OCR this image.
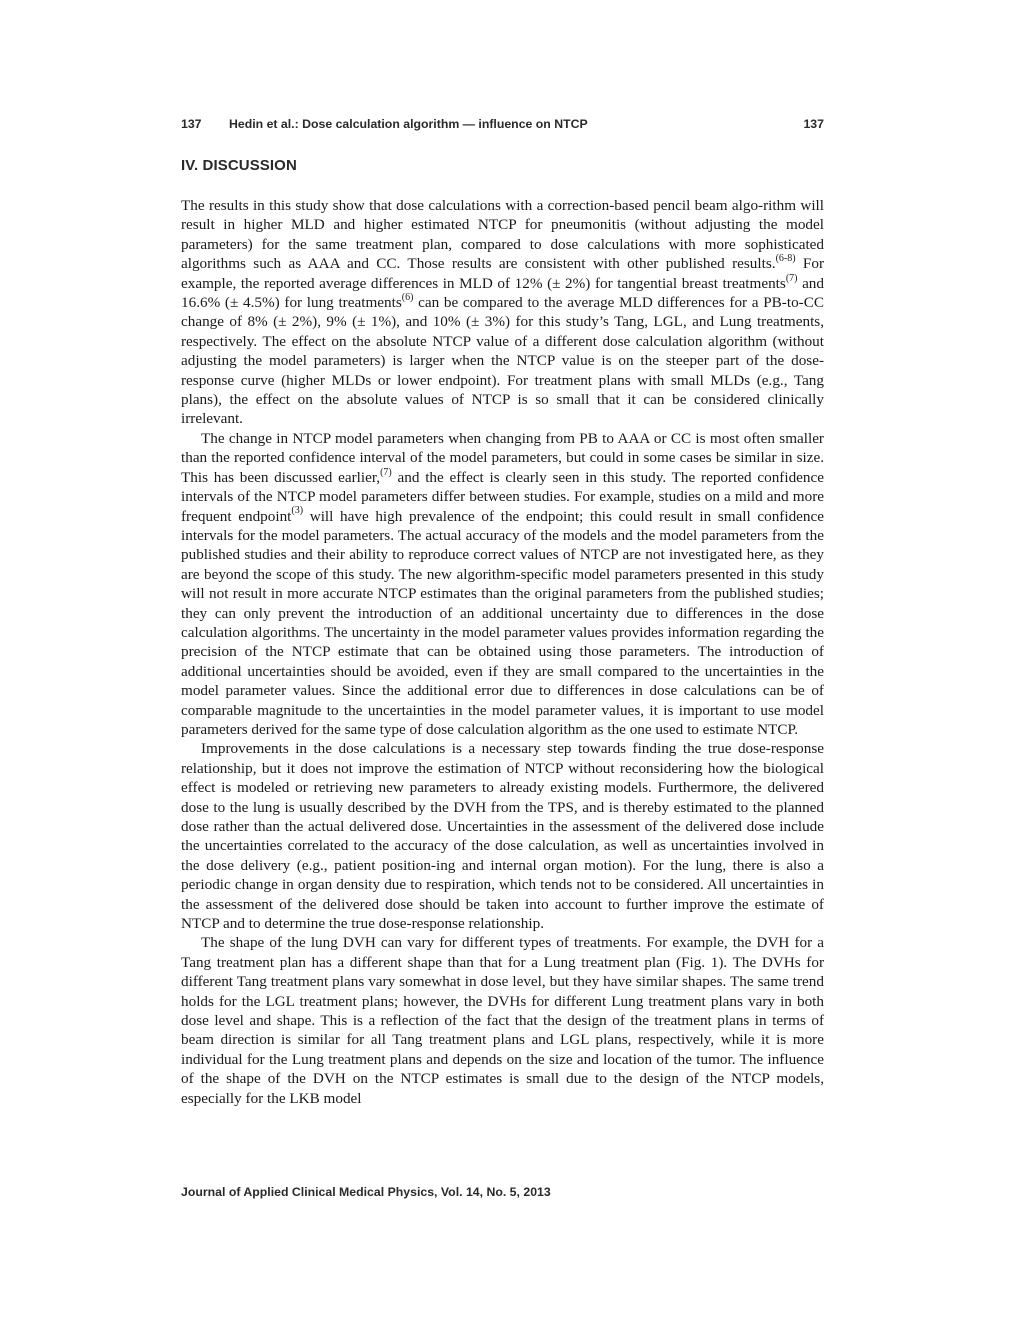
137 Hedin et al.: Dose calculation algorithm — influence on NTCP	137
IV. DISCUSSION

The results in this study show that dose calculations with a correction-based pencil beam algo-rithm will result in higher MLD and higher estimated NTCP for pneumonitis (without adjusting the model parameters) for the same treatment plan, compared to dose calculations with more sophisticated algorithms such as AAA and CC. Those results are consistent with other published results.$^{(6-8)}$ For example, the reported average differences in MLD of 12% (± 2%) for tangential breast treatments$^{(7)}$ and 16.6% (± 4.5%) for lung treatments$^{(6)}$ can be compared to the average MLD differences for a PB-to-CC change of 8% (± 2%), 9% (± 1%), and 10% (± 3%) for this study’s Tang, LGL, and Lung treatments, respectively. The effect on the absolute NTCP value of a different dose calculation algorithm (without adjusting the model parameters) is larger when the NTCP value is on the steeper part of the dose-response curve (higher MLDs or lower endpoint). For treatment plans with small MLDs (e.g., Tang plans), the effect on the absolute values of NTCP is so small that it can be considered clinically irrelevant.

The change in NTCP model parameters when changing from PB to AAA or CC is most often smaller than the reported confidence interval of the model parameters, but could in some cases be similar in size. This has been discussed earlier,$^{(7)}$ and the effect is clearly seen in this study. The reported confidence intervals of the NTCP model parameters differ between studies. For example, studies on a mild and more frequent endpoint$^{(3)}$ will have high prevalence of the endpoint; this could result in small confidence intervals for the model parameters. The actual accuracy of the models and the model parameters from the published studies and their ability to reproduce correct values of NTCP are not investigated here, as they are beyond the scope of this study. The new algorithm-specific model parameters presented in this study will not result in more accurate NTCP estimates than the original parameters from the published studies; they can only prevent the introduction of an additional uncertainty due to differences in the dose calculation algorithms. The uncertainty in the model parameter values provides information regarding the precision of the NTCP estimate that can be obtained using those parameters. The introduction of additional uncertainties should be avoided, even if they are small compared to the uncertainties in the model parameter values. Since the additional error due to differences in dose calculations can be of comparable magnitude to the uncertainties in the model parameter values, it is important to use model parameters derived for the same type of dose calculation algorithm as the one used to estimate NTCP.

Improvements in the dose calculations is a necessary step towards finding the true dose-response relationship, but it does not improve the estimation of NTCP without reconsidering how the biological effect is modeled or retrieving new parameters to already existing models. Furthermore, the delivered dose to the lung is usually described by the DVH from the TPS, and is thereby estimated to the planned dose rather than the actual delivered dose. Uncertainties in the assessment of the delivered dose include the uncertainties correlated to the accuracy of the dose calculation, as well as uncertainties involved in the dose delivery (e.g., patient position-ing and internal organ motion). For the lung, there is also a periodic change in organ density due to respiration, which tends not to be considered. All uncertainties in the assessment of the delivered dose should be taken into account to further improve the estimate of NTCP and to determine the true dose-response relationship.

The shape of the lung DVH can vary for different types of treatments. For example, the DVH for a Tang treatment plan has a different shape than that for a Lung treatment plan (Fig. 1). The DVHs for different Tang treatment plans vary somewhat in dose level, but they have similar shapes. The same trend holds for the LGL treatment plans; however, the DVHs for different Lung treatment plans vary in both dose level and shape. This is a reflection of the fact that the design of the treatment plans in terms of beam direction is similar for all Tang treatment plans and LGL plans, respectively, while it is more individual for the Lung treatment plans and depends on the size and location of the tumor. The influence of the shape of the DVH on the NTCP estimates is small due to the design of the NTCP models, especially for the LKB model

Journal of Applied Clinical Medical Physics, Vol. 14, No. 5, 2013
